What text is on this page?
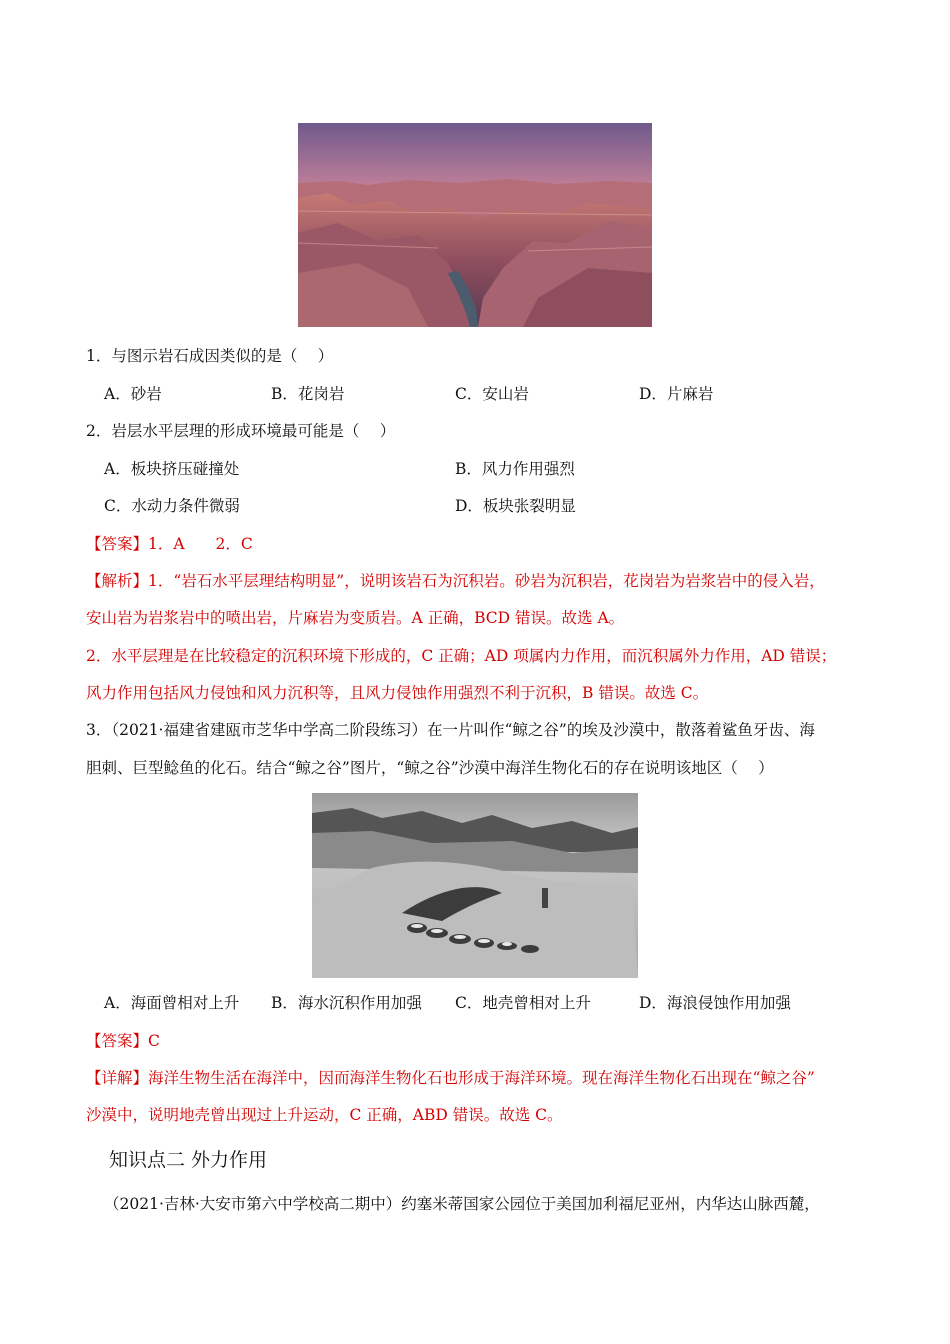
1．与图示岩石成因类似的是（　 ）
A．砂岩	B．花岗岩	C．安山岩	D．片麻岩
2．岩层水平层理的形成环境最可能是（　 ）
A．板块挤压碰撞处	B．风力作用强烈
C．水动力条件微弱	D．板块张裂明显
【答案】1．A　　2．C
【解析】1．“岩石水平层理结构明显”，说明该岩石为沉积岩。砂岩为沉积岩，花岗岩为岩浆岩中的侵入岩，
安山岩为岩浆岩中的喷出岩，片麻岩为变质岩。A 正确，BCD 错误。故选 A。
2．水平层理是在比较稳定的沉积环境下形成的，C 正确；AD 项属内力作用，而沉积属外力作用，AD 错误；
风力作用包括风力侵蚀和风力沉积等，且风力侵蚀作用强烈不利于沉积，B 错误。故选 C。
3．（2021·福建省建瓯市芝华中学高二阶段练习）在一片叫作“鲸之谷”的埃及沙漠中，散落着鲨鱼牙齿、海
胆刺、巨型鲶鱼的化石。结合“鲸之谷”图片，“鲸之谷”沙漠中海洋生物化石的存在说明该地区（　 ）
A．海面曾相对上升 B．海水沉积作用加强 C．地壳曾相对上升	D．海浪侵蚀作用加强
【答案】C
【详解】海洋生物生活在海洋中，因而海洋生物化石也形成于海洋环境。现在海洋生物化石出现在“鲸之谷”
沙漠中，说明地壳曾出现过上升运动，C 正确，ABD 错误。故选 C。
知识点二 外力作用
（2021·吉林·大安市第六中学校高二期中）约塞米蒂国家公园位于美国加利福尼亚州，内华达山脉西麓，
